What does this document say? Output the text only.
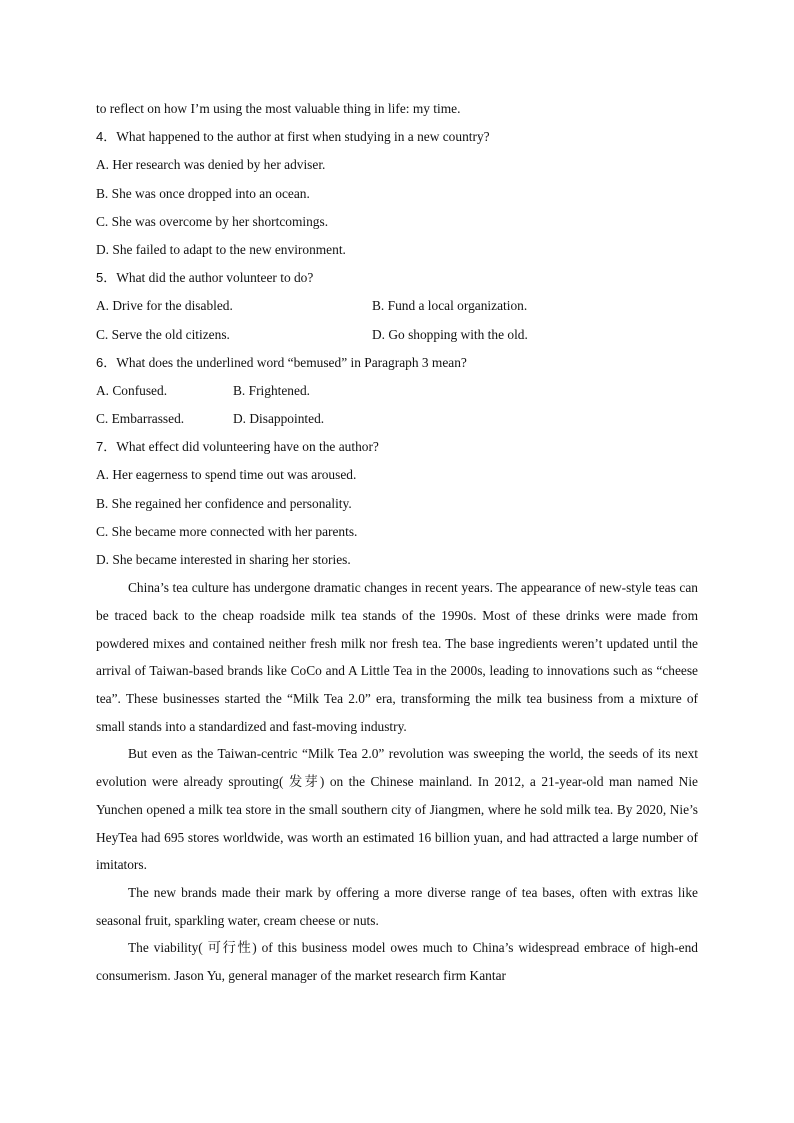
to reflect on how I’m using the most valuable thing in life: my time.
4．What happened to the author at first when studying in a new country?
A. Her research was denied by her adviser.
B. She was once dropped into an ocean.
C. She was overcome by her shortcomings.
D. She failed to adapt to the new environment.
5．What did the author volunteer to do?
A. Drive for the disabled.	B. Fund a local organization.
C. Serve the old citizens.	D. Go shopping with the old.
6．What does the underlined word “bemused” in Paragraph 3 mean?
A. Confused.	B. Frightened.
C. Embarrassed.	D. Disappointed.
7．What effect did volunteering have on the author?
A. Her eagerness to spend time out was aroused.
B. She regained her confidence and personality.
C. She became more connected with her parents.
D. She became interested in sharing her stories.

China’s tea culture has undergone dramatic changes in recent years. The appearance of new-style teas can be traced back to the cheap roadside milk tea stands of the 1990s. Most of these drinks were made from powdered mixes and contained neither fresh milk nor fresh tea. The base ingredients weren’t updated until the arrival of Taiwan-based brands like CoCo and A Little Tea in the 2000s, leading to innovations such as “cheese tea”. These businesses started the “Milk Tea 2.0” era, transforming the milk tea business from a mixture of small stands into a standardized and fast-moving industry.

But even as the Taiwan-centric “Milk Tea 2.0” revolution was sweeping the world, the seeds of its next evolution were already sprouting( 发芽) on the Chinese mainland. In 2012, a 21-year-old man named Nie Yunchen opened a milk tea store in the small southern city of Jiangmen, where he sold milk tea. By 2020, Nie’s HeyTea had 695 stores worldwide, was worth an estimated 16 billion yuan, and had attracted a large number of imitators.

The new brands made their mark by offering a more diverse range of tea bases, often with extras like seasonal fruit, sparkling water, cream cheese or nuts.

The viability( 可行性) of this business model owes much to China’s widespread embrace of high-end consumerism. Jason Yu, general manager of the market research firm Kantar
